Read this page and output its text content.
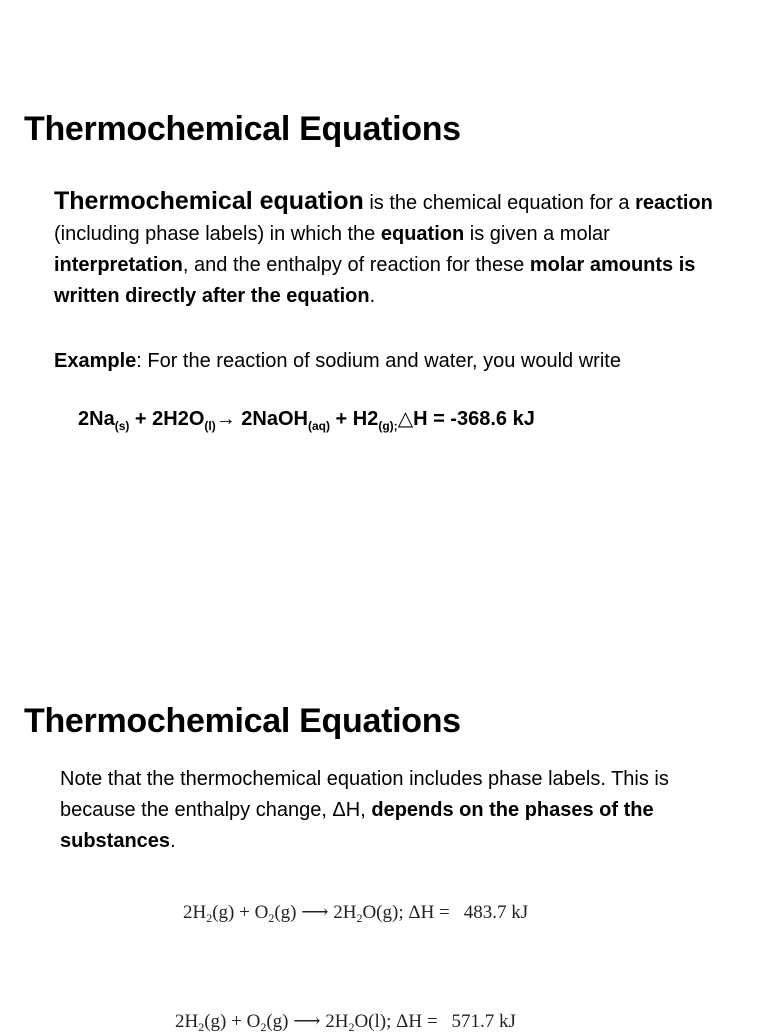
Thermochemical Equations
Thermochemical equation is the chemical equation for a reaction (including phase labels) in which the equation is given a molar interpretation, and the enthalpy of reaction for these molar amounts is written directly after the equation.
Example: For the reaction of sodium and water, you would write
$2Na_{(s)} + 2H2O_{(l)}\to$ 2NaOH$_{(aq)}$ + $H2_{(g);}\triangle H = -368.6$ kJ
Thermochemical Equations
Note that the thermochemical equation includes phase labels. This is because the enthalpy change, ΔH, depends on the phases of the substances.
$2H_2(g) + O_2(g)$ ⟶ $2H_2O(g)$; ΔH = 483.7 kJ
$2H_2(g) + O_2(g)$ ⟶ $2H_2O(l)$; ΔH = 571.7 kJ
